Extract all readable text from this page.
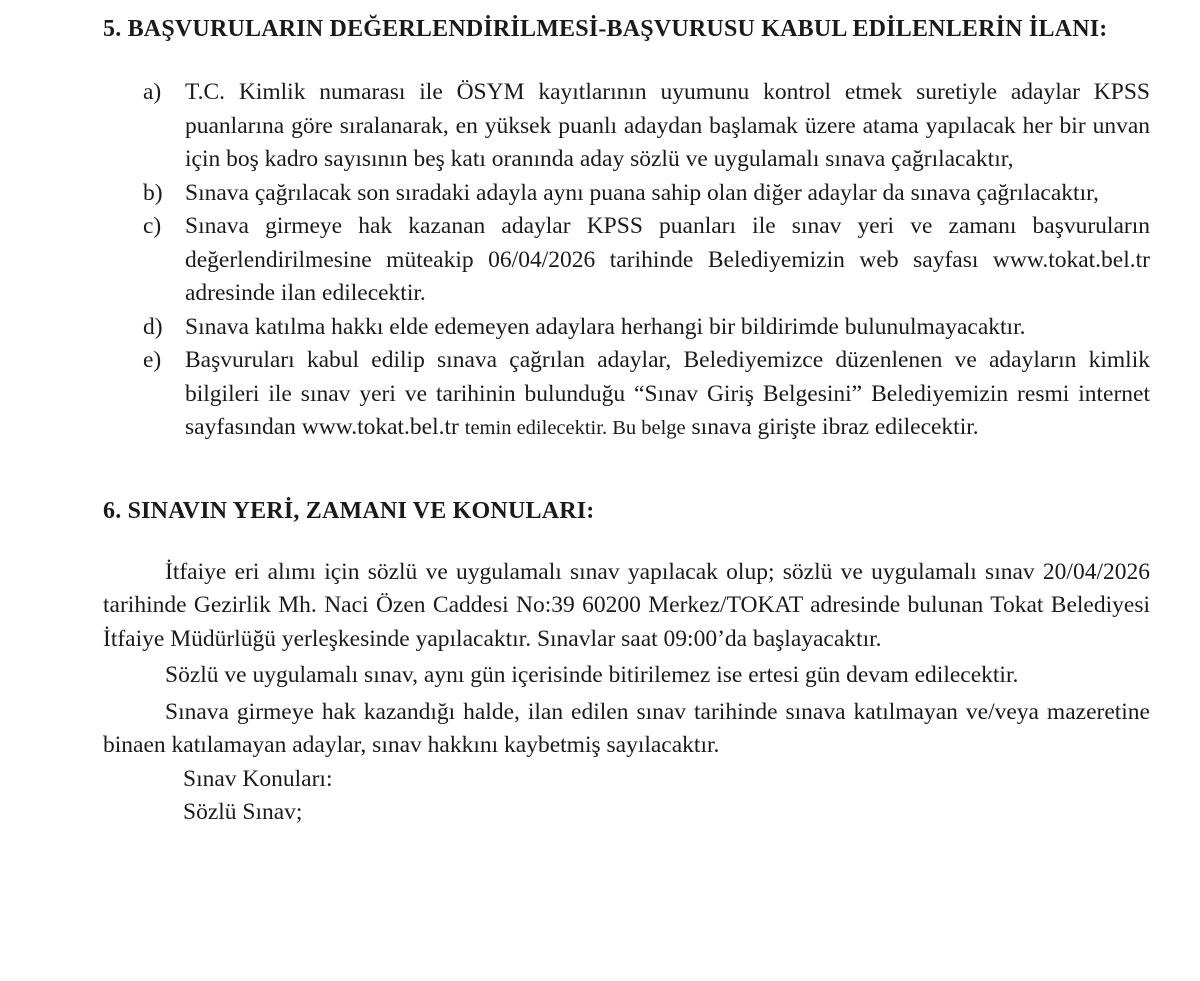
5. BAŞVURULARIN DEĞERLENDİRİLMESİ-BAŞVURUSU KABUL EDİLENLERİN İLANI:
a)	T.C. Kimlik numarası ile ÖSYM kayıtlarının uyumunu kontrol etmek suretiyle adaylar KPSS puanlarına göre sıralanarak, en yüksek puanlı adaydan başlamak üzere atama yapılacak her bir unvan için boş kadro sayısının beş katı oranında aday sözlü ve uygulamalı sınava çağrılacaktır,
b) Sınava çağrılacak son sıradaki adayla aynı puana sahip olan diğer adaylar da sınava çağrılacaktır,
c)	Sınava girmeye hak kazanan adaylar KPSS puanları ile sınav yeri ve zamanı başvuruların değerlendirilmesine müteakip 06/04/2026 tarihinde Belediyemizin web sayfası www.tokat.bel.tr adresinde ilan edilecektir.
d) Sınava katılma hakkı elde edemeyen adaylara herhangi bir bildirimde bulunulmayacaktır.
e)	Başvuruları kabul edilip sınava çağrılan adaylar, Belediyemizce düzenlenen ve adayların kimlik bilgileri ile sınav yeri ve tarihinin bulunduğu “Sınav Giriş Belgesini” Belediyemizin resmi internet sayfasından www.tokat.bel.tr temin edilecektir. Bu belge sınava girişte ibraz edilecektir.
6. SINAVIN YERİ, ZAMANI VE KONULARI:

İtfaiye eri alımı için sözlü ve uygulamalı sınav yapılacak olup; sözlü ve uygulamalı sınav 20/04/2026 tarihinde Gezirlik Mh. Naci Özen Caddesi No:39 60200 Merkez/TOKAT adresinde bulunan Tokat Belediyesi İtfaiye Müdürlüğü yerleşkesinde yapılacaktır. Sınavlar saat 09:00’da başlayacaktır.

Sözlü ve uygulamalı sınav, aynı gün içerisinde bitirilemez ise ertesi gün devam edilecektir.

Sınava girmeye hak kazandığı halde, ilan edilen sınav tarihinde sınava katılmayan ve/veya mazeretine binaen katılamayan adaylar, sınav hakkını kaybetmiş sayılacaktır.

Sınav Konuları:

Sözlü Sınav;
